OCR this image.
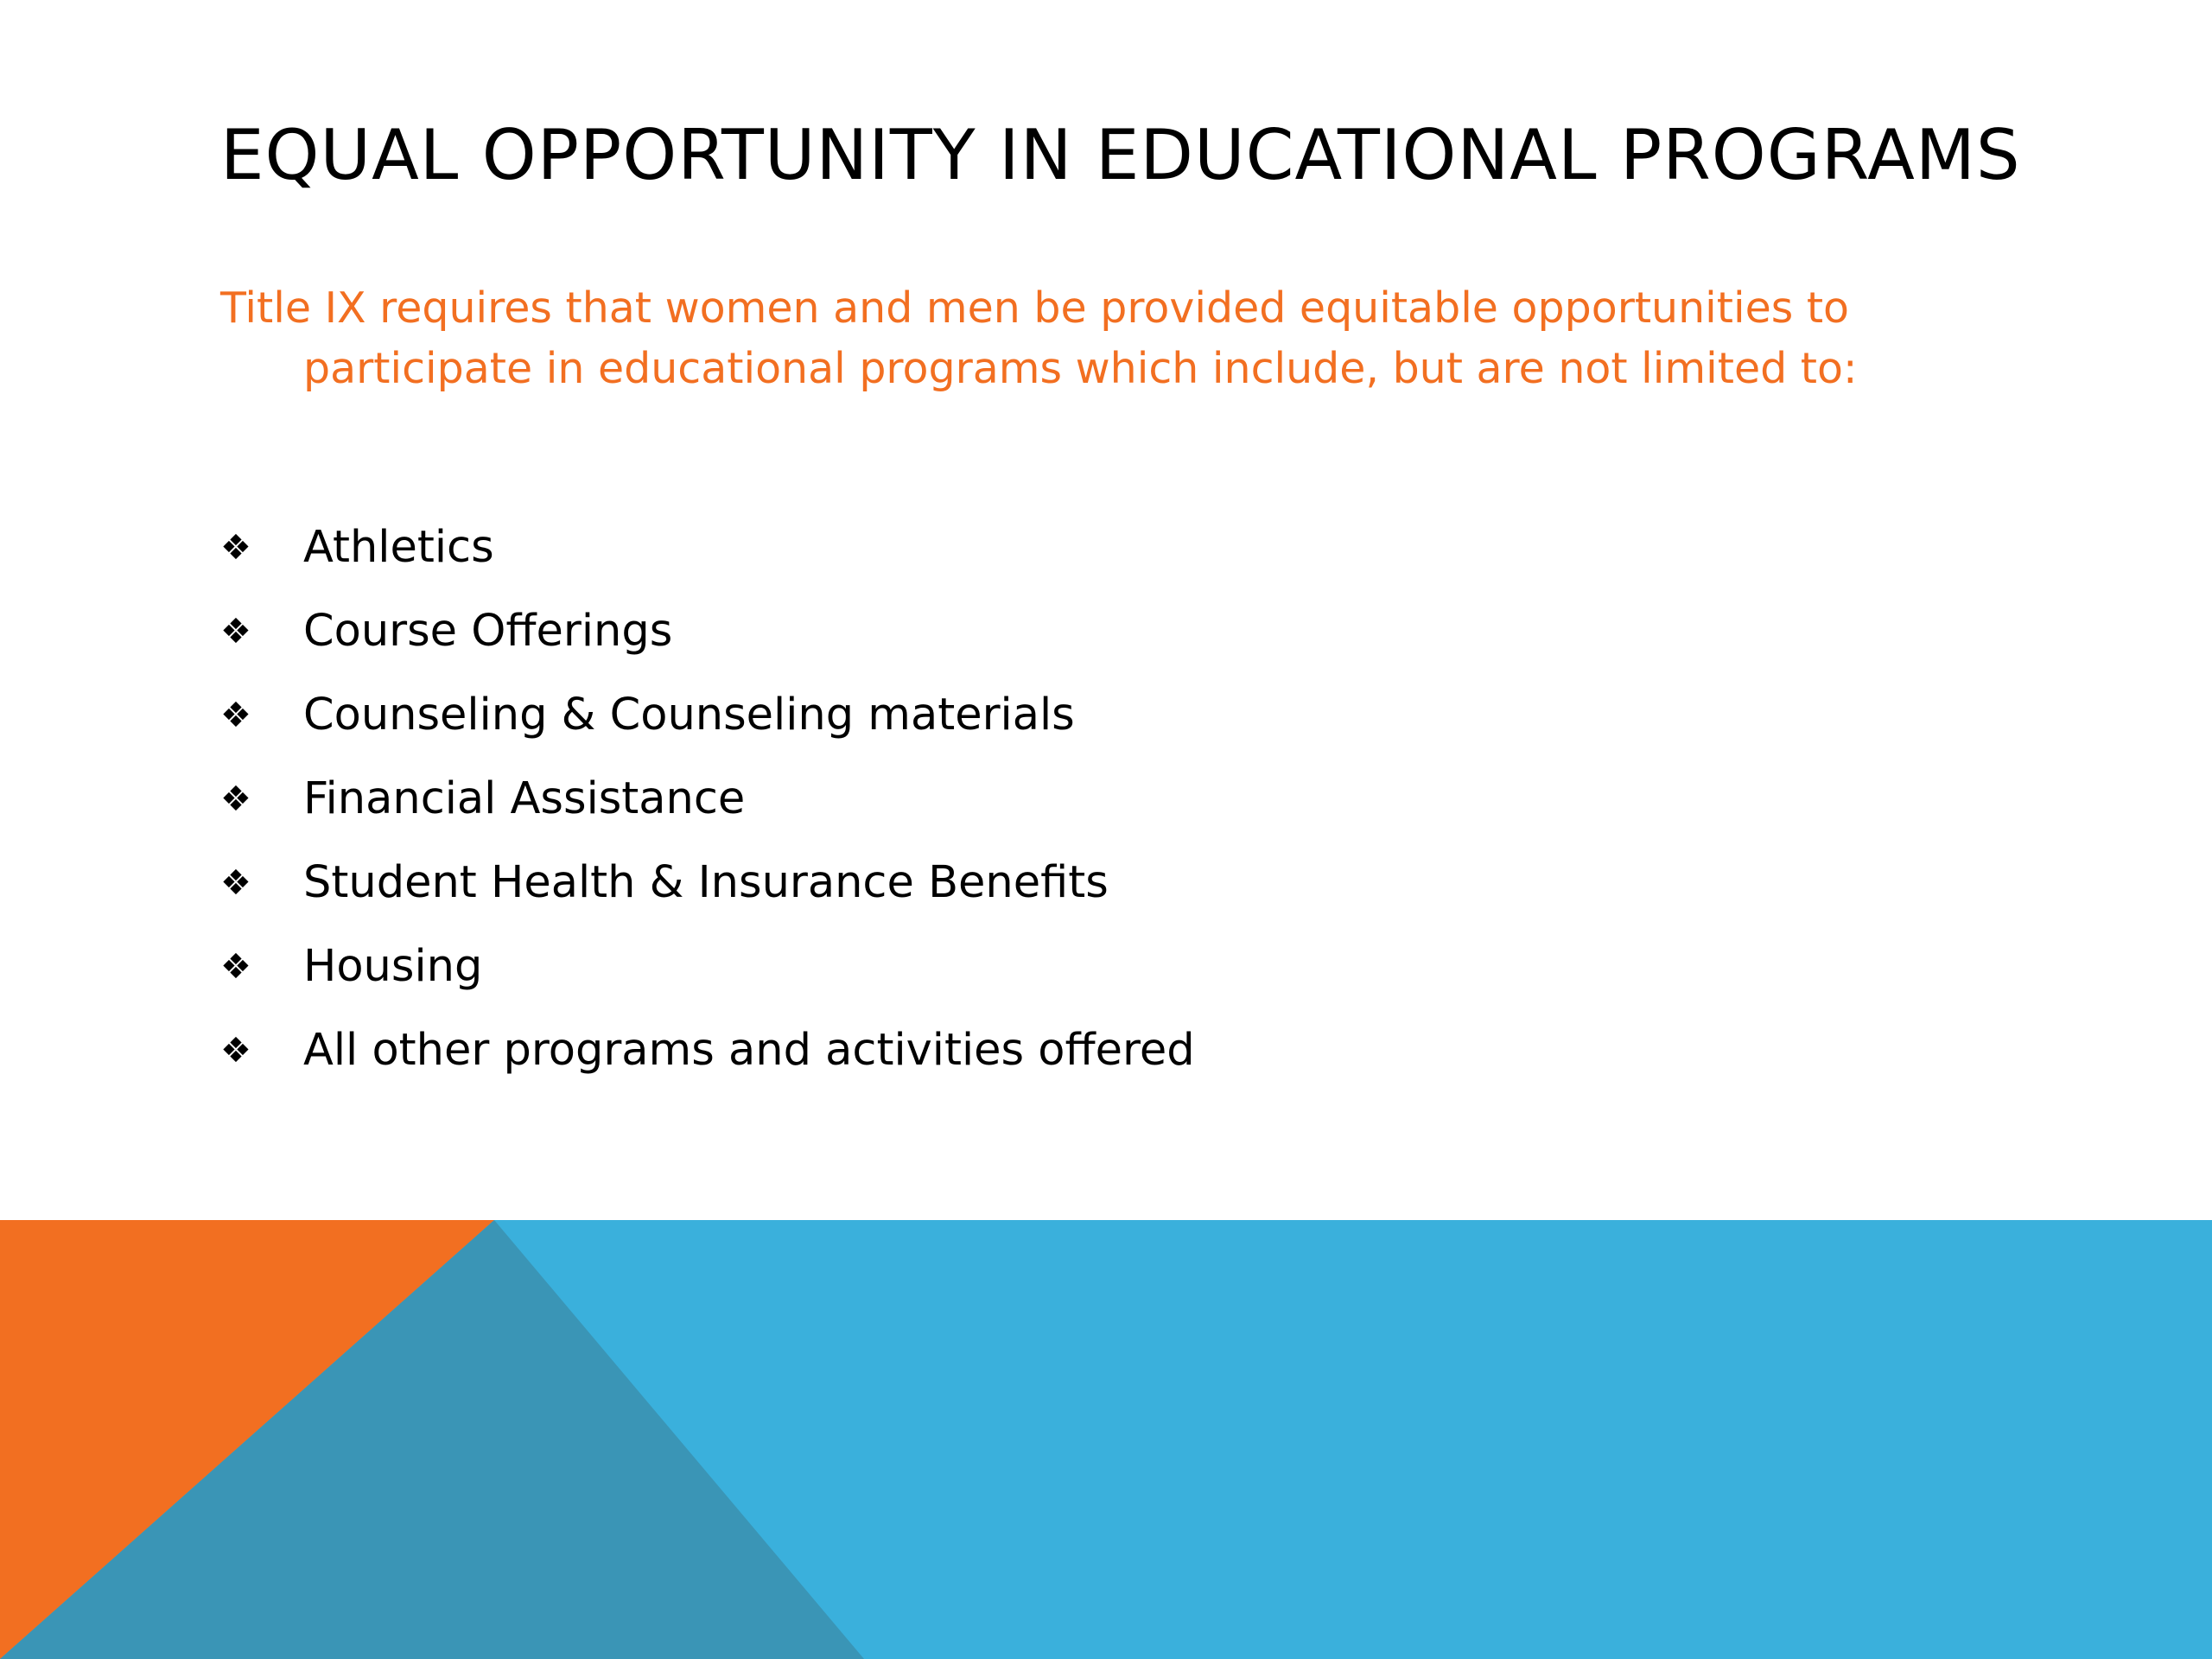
EQUAL OPPORTUNITY IN EDUCATIONAL PROGRAMS

Title IX requires that women and men be provided equitable opportunities to participate in educational programs which include, but are not limited to:

❖	Athletics
❖	Course Offerings
❖	Counseling & Counseling materials
❖	Financial Assistance
❖	Student Health & Insurance Benefits
❖	Housing
❖	All other programs and activities offered
